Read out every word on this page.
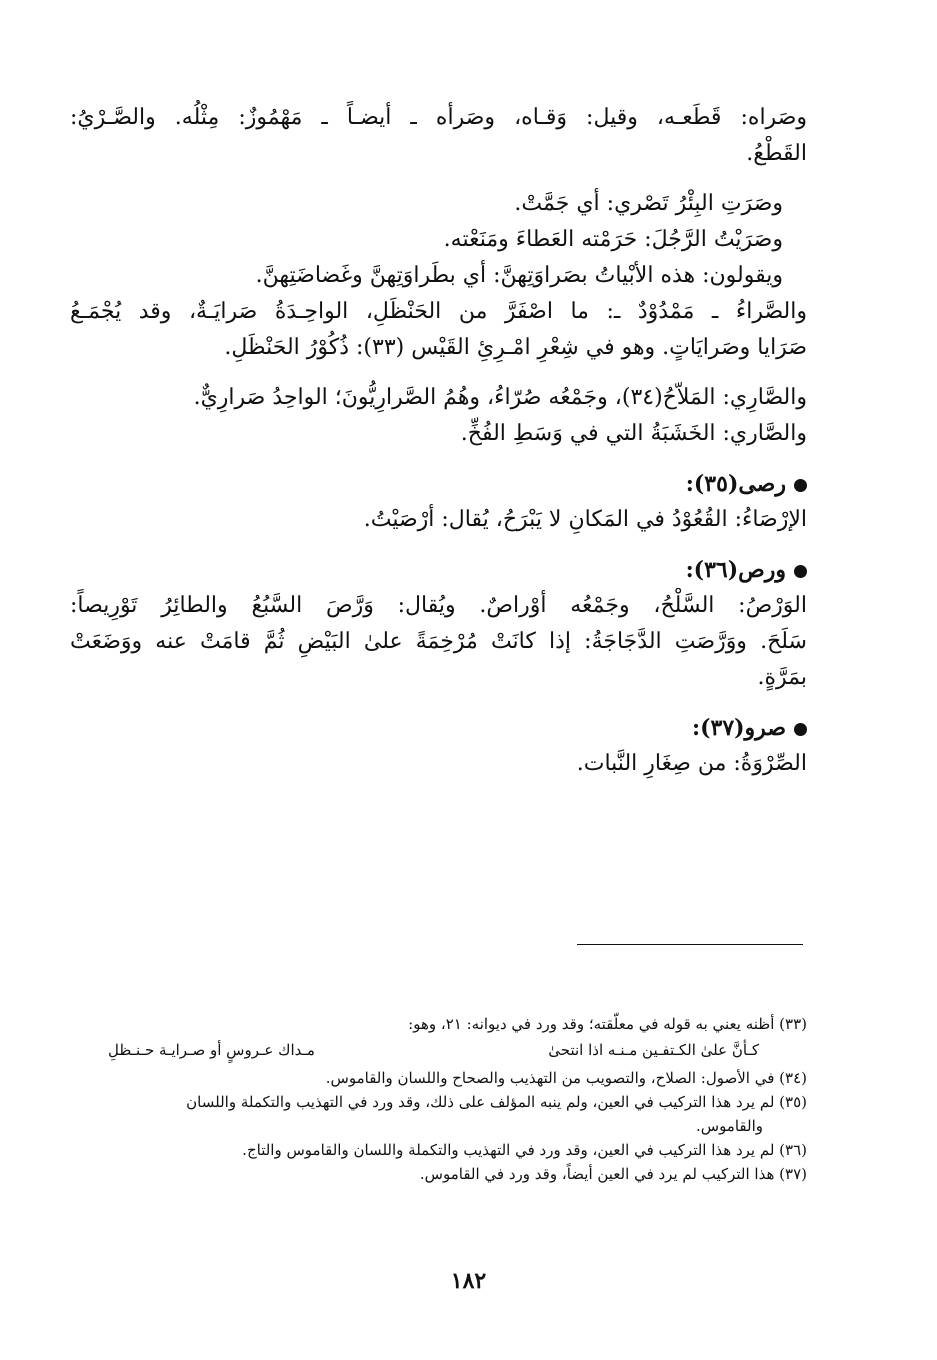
وصَراه: قَطَعـه، وقيل: وَقـاه، وصَرأه ـ أيضـاً ـ مَهْمُوزٌ: مِثْلُه. والصَّـرْيُ:

القَطْعُ.

وصَرَتِ البِئْرُ تَصْري: أي جَمَّتْ.

وصَرَيْتُ الرَّجُلَ: حَرَمْته العَطاءَ ومَنَعْته.

ويقولون: هذه الأبْياتُ بصَراوَتِهنَّ: أي بطَراوَتِهنَّ وغَضاضَتِهنَّ.

والصَّراءُ ـ مَمْدُوْدٌ ـ: ما اصْفَرَّ من الحَنْظَلِ، الواحِـدَةُ صَرايَـةٌ، وقد يُجْمَـعُ

صَرَايا وصَرايَاتٍ. وهو في شِعْرِ امْـرِئِ القَيْس (٣٣): ذُكُوْرُ الحَنْظَلِ.

والصَّارِي: المَلاّحُ(٣٤)، وجَمْعُه صُرّاءُ، وهُمُ الصَّرارِيُّونَ؛ الواحِدُ صَرارِيٌّ.

والصَّاري: الخَشَبَةُ التي في وَسَطِ الفُخِّ.

رصى(٣٥):

الإرْصَاءُ: القُعُوْدُ في المَكانِ لا يَبْرَحُ، يُقال: أرْصَيْتُ.

ورص(٣٦):

الوَرْصُ: السَّلْحُ، وجَمْعُه أوْراصٌ. ويُقال: وَرَّصَ السَّبُعُ والطائِرُ تَوْرِيصاً:

سَلَحَ. ووَرَّصَتِ الدَّجَاجَةُ: إذا كانَتْ مُرْخِمَةً علىٰ البَيْضِ ثُمَّ قامَتْ عنه ووَضَعَتْ

بمَرَّةٍ.

صرو(٣٧):

الصِّرْوَةُ: من صِغَارِ النَّبات.

(٣٣) أظنه يعني به قوله في معلّقته؛ وقد ورد في ديوانه: ٢١، وهو:

كـأنَّ علىٰ الكـتفـين مـنـه اذا انتحىٰ
مـداك عـروسٍ أو صـرايـة حـنـظلِ

(٣٤) في الأصول: الصلاح، والتصويب من التهذيب والصحاح واللسان والقاموس.

(٣٥) لم يرد هذا التركيب في العين، ولم ينبه المؤلف على ذلك، وقد ورد في التهذيب والتكملة واللسان

والقاموس.

(٣٦) لم يرد هذا التركيب في العين، وقد ورد في التهذيب والتكملة واللسان والقاموس والتاج.

(٣٧) هذا التركيب لم يرد في العين أيضاً، وقد ورد في القاموس.

١٨٢
